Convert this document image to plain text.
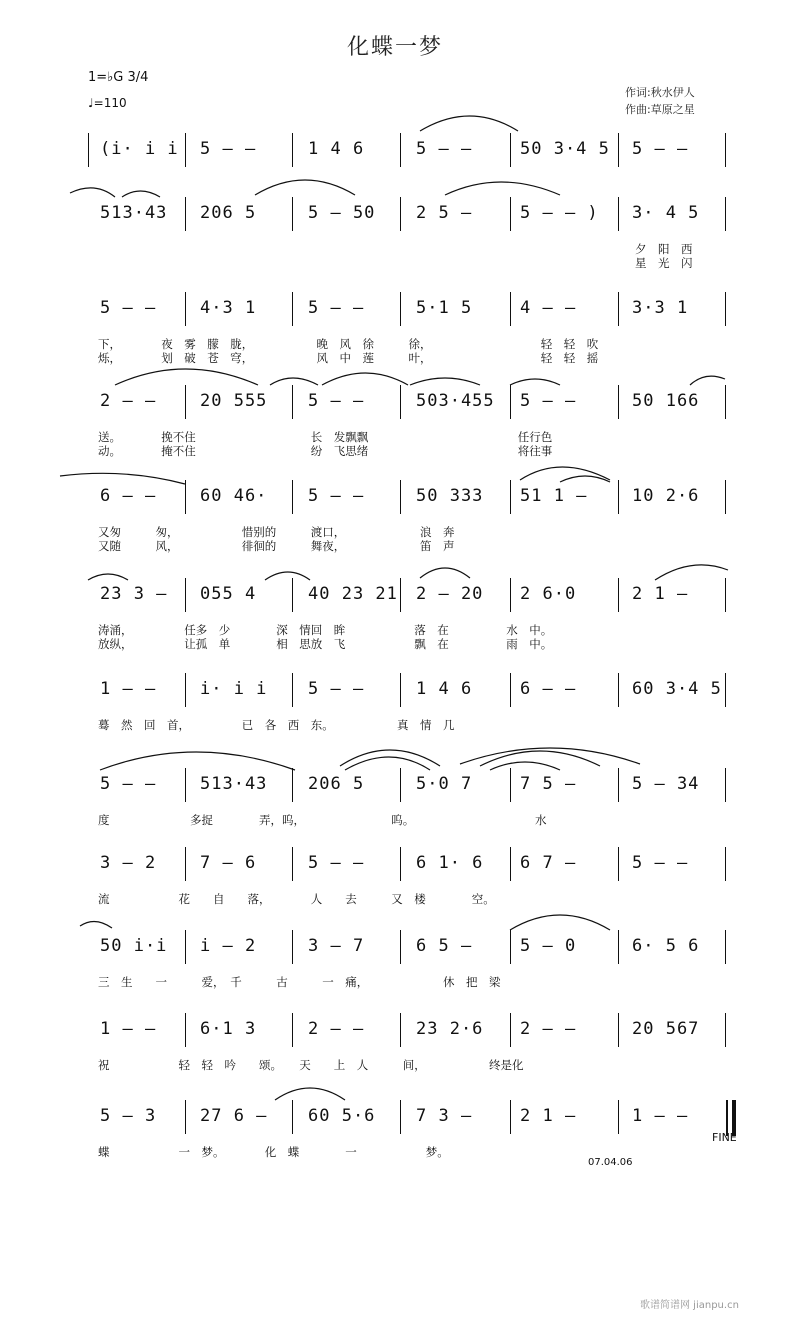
化蝶一梦
1=♭G 3/4
♩=110
作词:秋水伊人
作曲:草原之星
(i· i i 5 – –	1 4 6	5 – –	50 3·4 5 5 – –
513·43 206 5	5 – 50 2 5 –	5 – – ) 3· 4 5
夕　阳　西
星　光　闪
5 – –	4·3 1	5 – –	5·1 5	4 – –	3·3 1
下，　　　　夜　雾　朦　胧，　　　　　　晚　风　徐　　　徐，　　　　　　　　　　轻　轻　吹
烁，　　　　划　破　苍　穹，　　　　　　风　中　莲　　　叶，　　　　　　　　　　轻　轻　摇
2 – –	20 555 5 – –	503·455 5 – –	50 166
送。　　　　挽不住　　　　　　　　　　长　发飘飘　　　　　　　　　　　　　任行色
动。　　　　掩不住　　　　　　　　　　纷　飞思绪　　　　　　　　　　　　　将往事
6 – –	60 46· 5 – –	50 333 51 1 –	10 2·6
又匆　　　匆，　　　　　　惜别的　　　渡口，　　　　　　　浪　奔
又随　　　风，　　　　　　徘徊的　　　舞夜，　　　　　　　笛　声
23 3 – 055 4	40 23 21 2 – 20 2 6·0	2 1 –
涛涌，　　　　　任多　少　　　　深　情回　眸　　　　　　落　在　　　　　水　中。
放纵，　　　　　让孤　单　　　　相　思放　飞　　　　　　飘　在　　　　　雨　中。
1 – –	i· i i 5 – –	1 4 6	6 – –	60 3·4 5
蓦　然　回　首，　　　　　已　各　西　东。　　　　　　真　情　几
5 – –	513·43 206 5	5·0 7	7 5 –	5 – 34
度　　　　　　　多捉　　　　弄，呜，　　　　　　　　呜。　　　　　　　　　　　水
3 – 2	7 – 6	5 – –	6 1· 6 6 7 –	5 – –
流　　　　　　花　　自　　落，　　　　人　　去　　　又　楼　　　　空。
50 i·i i – 2	3 – 7	6 5 –	5 – 0	6· 5 6
三　生　　一　　　爱，　千　　　古　　　一　痛，　　　　　　　休　把　梁
1 – –	6·1 3	2 – –	23 2·6 2 – –	20 567
祝　　　　　　轻　轻　吟　　颂。　　天　　上　人　　　间，　　　　　　终是化
5 – 3	27 6 – 60 5·6 7 3 –	2 1 –	1 – –
蝶　　　　　　一　梦。　　　　化　蝶　　　　一　　　　　　梦。
FINE
07.04.06
歌谱简谱网 jianpu.cn
